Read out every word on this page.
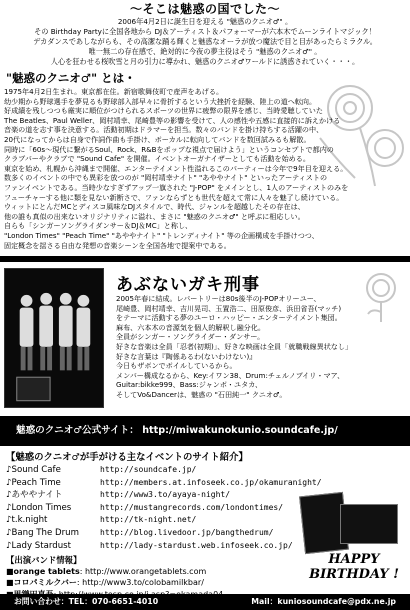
～そこは魅惑の国でした～

2006年4月2日に誕生日を迎える "魅惑のクニオ♂" 。

その Birthday Partyに全国各地から DJ＆アーティスト＆パフォーマーが六本木でムーンライトマジック！

デカダンスであしながらも、その高潔な踊る輝くと魅惑なオーラが放つ魔法で目と目があったらミラクル。

唯一無二の存在感で、絶対的に今夜の夢主役はそう "魅惑のクニオ♂" 。

人心を狂わせる桜吹雪と月の引力に導かれ、魅惑のクニオ♂ワールドに誘惑されていく・・・。

"魅惑のクニオ♂" とは・

1975年4月2日生まれ。東京都在住。新宿歌舞伎町で産声をあげる。

幼少期から野球選手を夢見るも野球部入部早々に骨折するという大挫折を経験、陸上の道へ転向。

好成績を残しつつも厳実に順位がつけられるスポーツの世界に疲弊の限界を感じ、当時愛聴していた

The Beatles、Paul Weller、岡村靖幸、尾崎豊等の影響を受けて、人の感性や五感に直接的に訴えかける

音楽の道を志す事を決意する。活動初期はドラマーを担当。数々のバンドを掛け持ちする活躍の中、

20代になってからは自身で作詞作曲も手掛け、ボーカルに転向してバンドを数回試みるも解散。

同時に「60s～現代に繋がるSoul、Rock、R&Bをポップな視点で届けよう」というコンセプトで都内の

クラブバーやクラブで "Sound Cafe" を開催。イベントオーガナイザーとしても活動を始める。

東京を始め、札幌から沖縄まで開催、エンターテイメント性溢れるこのパーティーは今年で9年目を迎える。

数多くのイベントの中でも異彩を放つのが "岡村靖幸ナイト" "あややナイト" といったアーティストの

ファンイベントである。当時少なすぎずアップ一旗された "J-POP" をメインとし、1人のアーティストのみを

フューチャーする他に類を見ない新断さで、ファンならずとも世代を超えて常に人々を魅了し続けている。

ウィットにとんだMCとディスコ風味なDJスタイルで、時代、ジャンルを超越したその存在は、

他の誰も真似の出来ないオリジナリティに溢れ、まさに "魅惑のクニオ♂" と呼ぶに相応しい。

自らも「シンガーソングライダンサー＆DJ＆MC」と称し、

"London Times" "Peach Time" "あややナイト" "トレンディナイト" 等の企画構成を手掛けつつ、

固定概念を揺さる自由な発想の音楽シーンを全国各地で提案中である。

あぶないガキ刑事

2005年春に結成。レパートリーは80s後半のJ-POPオリーユー、

尾崎豊、岡村靖幸、吉川晃司、玉置浩二、田原俊彦、浜田省吾(マッチ)

をテーマに活動する夢のユーロ・ハッピー・エンターテイメント集団。

麻布、六本木の音源気を個人的解釈し融分化。

全員がシンガー・ソングライダー・ダンサー。

好きな音楽は全員「忍者(初期)」、好きな映画は全員「就職戦線異状なし」

好きな言葉は『陶係あるわ(ないわけない)』

今日もザボンでボイルしているから。

メンバー構成なるから、Key:イワン38、Drum:チェルノブイリ・マア、

Guitar:bikke999、Bass:ジャンボ・ユタカ、

そしてVo&Dancerは、魅惑の "石田純一" クニオ♂。

魅惑のクニオ♂公式サイト： http://miwakunokunio.soundcafe.jp/
【魅惑のクニオ♂が手がける主なイベントのサイト紹介】
♪Sound Cafe	http://soundcafe.jp/
♪Peach Time	http://members.at.infoseek.co.jp/okamuranight/
♪あややナイト	http://www3.to/ayaya-night/
♪London Times	http://mustangrecords.com/londontimes/
♪t.k.night	http://tk-night.net/
♪Bang The Drum	http://blog.livedoor.jp/bangthedrum/
♪Lady Stardust	http://lady-stardust.web.infoseek.co.jp/
【出演バンド情報】
■orange tablets: http://www.orangetablets.com
■コロパミルクバー: http://www3.to/colobamilkbar/
HAPPY
BIRTHDAY !
お問い合わせ：TEL：070-6651-4010	Mail：kuniosoundcafe@pdx.ne.jp
